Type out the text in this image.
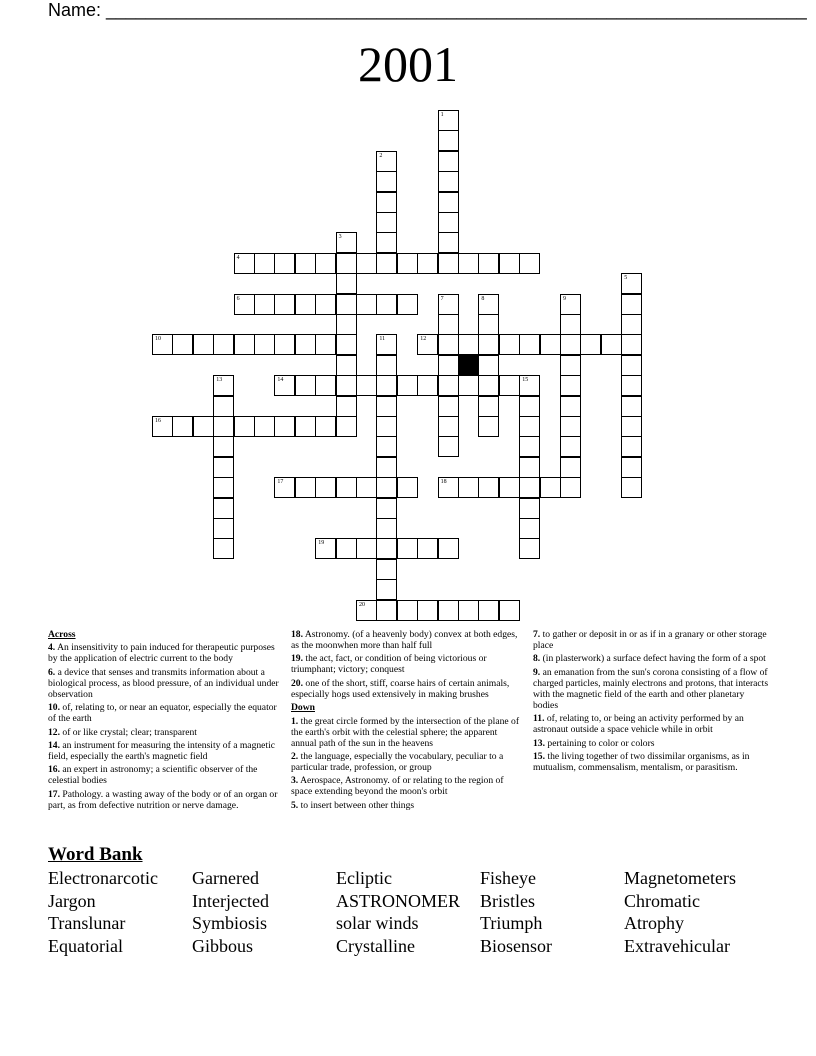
Name: ______________________________________________________________________
2001
1
2
3
4
5
6	7	8	9
10	11	12
13	14	15
16
17	18
19
20

Across

4. An insensitivity to pain induced for therapeutic purposes by the application of electric current to the body

6. a device that senses and transmits information about a biological process, as blood pressure, of an individual under observation

10. of, relating to, or near an equator, especially the equator of the earth

12. of or like crystal; clear; transparent

14. an instrument for measuring the intensity of a magnetic field, especially the earth's magnetic field

16. an expert in astronomy; a scientific observer of the celestial bodies

17. Pathology. a wasting away of the body or of an organ or part, as from defective nutrition or nerve damage.

18. Astronomy. (of a heavenly body) convex at both edges, as the moonwhen more than half full

19. the act, fact, or condition of being victorious or triumphant; victory; conquest

20. one of the short, stiff, coarse hairs of certain animals, especially hogs used extensively in making brushes

Down

1. the great circle formed by the intersection of the plane of the earth's orbit with the celestial sphere; the apparent annual path of the sun in the heavens

2. the language, especially the vocabulary, peculiar to a particular trade, profession, or group

3. Aerospace, Astronomy. of or relating to the region of space extending beyond the moon's orbit

5. to insert between other things

7. to gather or deposit in or as if in a granary or other storage place

8. (in plasterwork) a surface defect having the form of a spot

9. an emanation from the sun's corona consisting of a flow of charged particles, mainly electrons and protons, that interacts with the magnetic field of the earth and other planetary bodies

11. of, relating to, or being an activity performed by an astronaut outside a space vehicle while in orbit

13. pertaining to color or colors

15. the living together of two dissimilar organisms, as in mutualism, commensalism, mentalism, or parasitism.

Word Bank
Electronarcotic	Garnered	Ecliptic	Fisheye	Magnetometers
Jargon	Interjected	ASTRONOMER	Bristles	Chromatic
Translunar	Symbiosis	solar winds	Triumph	Atrophy
Equatorial	Gibbous	Crystalline	Biosensor	Extravehicular
